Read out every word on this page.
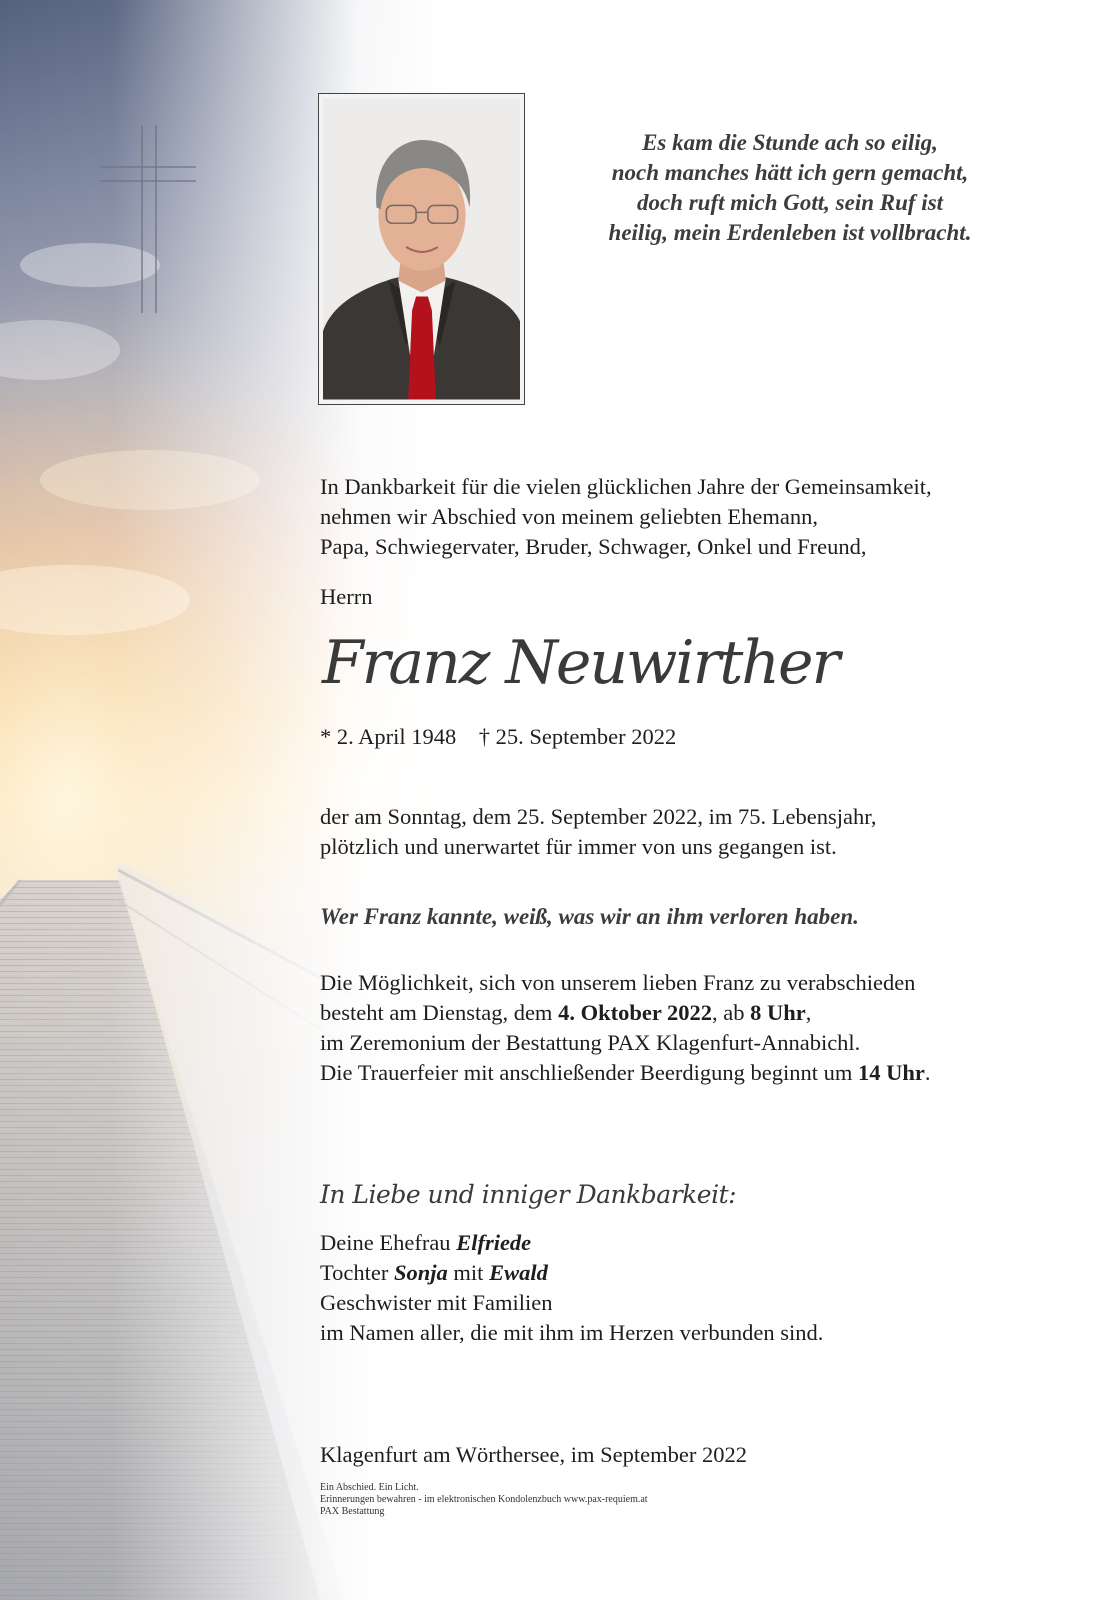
Es kam die Stunde ach so eilig,
noch manches hätt ich gern gemacht,
doch ruft mich Gott, sein Ruf ist
heilig, mein Erdenleben ist vollbracht.
In Dankbarkeit für die vielen glücklichen Jahre der Gemeinsamkeit,
nehmen wir Abschied von meinem geliebten Ehemann,
Papa, Schwiegervater, Bruder, Schwager, Onkel und Freund,
Herrn
Franz Neuwirther
* 2. April 1948 † 25. September 2022
der am Sonntag, dem 25. September 2022, im 75. Lebensjahr,
plötzlich und unerwartet für immer von uns gegangen ist.
Wer Franz kannte, weiß, was wir an ihm verloren haben.
Die Möglichkeit, sich von unserem lieben Franz zu verabschieden
besteht am Dienstag, dem 4. Oktober 2022, ab 8 Uhr,
im Zeremonium der Bestattung PAX Klagenfurt-Annabichl.
Die Trauerfeier mit anschließender Beerdigung beginnt um 14 Uhr.
In Liebe und inniger Dankbarkeit:
Deine Ehefrau Elfriede
Tochter Sonja mit Ewald
Geschwister mit Familien
im Namen aller, die mit ihm im Herzen verbunden sind.
Klagenfurt am Wörthersee, im September 2022
Ein Abschied. Ein Licht.
Erinnerungen bewahren - im elektronischen Kondolenzbuch www.pax-requiem.at
PAX Bestattung
